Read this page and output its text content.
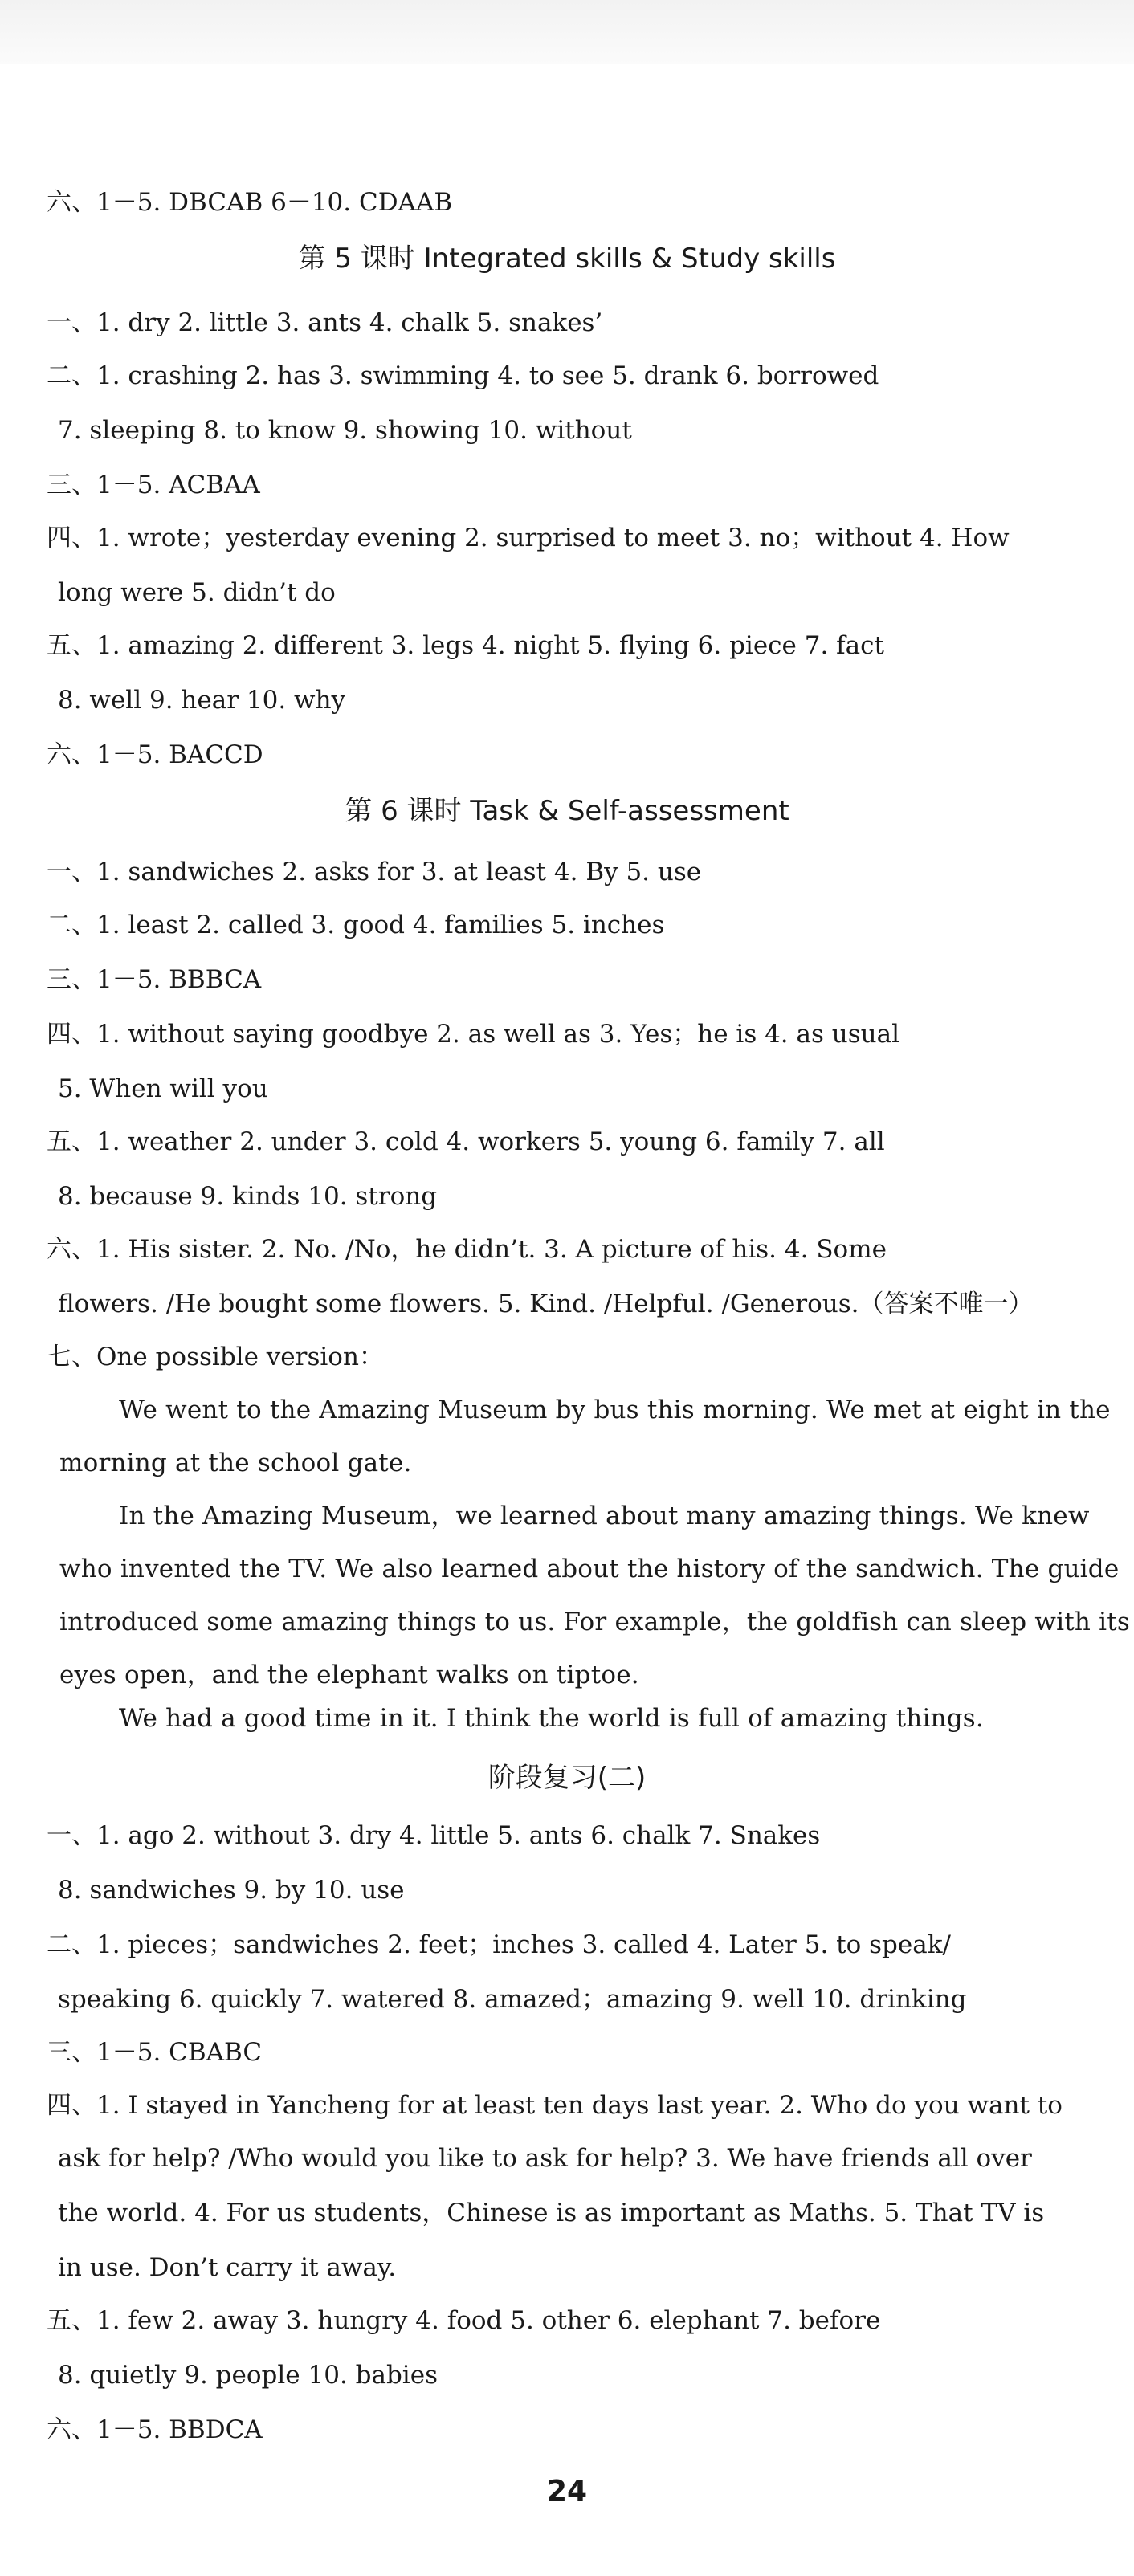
六、1－5. DBCAB 6－10. CDAAB
第 5 课时 Integrated skills & Study skills
一、1. dry 2. little 3. ants 4. chalk 5. snakes’
二、1. crashing 2. has 3. swimming 4. to see 5. drank 6. borrowed
7. sleeping 8. to know 9. showing 10. without
三、1－5. ACBAA
四、1. wrote；yesterday evening 2. surprised to meet 3. no；without 4. How
long were 5. didn’t do
五、1. amazing 2. different 3. legs 4. night 5. flying 6. piece 7. fact
8. well 9. hear 10. why
六、1－5. BACCD
第 6 课时 Task & Self-assessment
一、1. sandwiches 2. asks for 3. at least 4. By 5. use
二、1. least 2. called 3. good 4. families 5. inches
三、1－5. BBBCA
四、1. without saying goodbye 2. as well as 3. Yes；he is 4. as usual
5. When will you
五、1. weather 2. under 3. cold 4. workers 5. young 6. family 7. all
8. because 9. kinds 10. strong
六、1. His sister. 2. No. /No，he didn’t. 3. A picture of his. 4. Some
flowers. /He bought some flowers. 5. Kind. /Helpful. /Generous.（答案不唯一）
七、One possible version：
We went to the Amazing Museum by bus this morning. We met at eight in the
morning at the school gate.
In the Amazing Museum，we learned about many amazing things. We knew
who invented the TV. We also learned about the history of the sandwich. The guide
introduced some amazing things to us. For example，the goldfish can sleep with its
eyes open，and the elephant walks on tiptoe.
We had a good time in it. I think the world is full of amazing things.
阶段复习(二)
一、1. ago 2. without 3. dry 4. little 5. ants 6. chalk 7. Snakes
8. sandwiches 9. by 10. use
二、1. pieces；sandwiches 2. feet；inches 3. called 4. Later 5. to speak/
speaking 6. quickly 7. watered 8. amazed；amazing 9. well 10. drinking
三、1－5. CBABC
四、1. I stayed in Yancheng for at least ten days last year. 2. Who do you want to
ask for help? /Who would you like to ask for help? 3. We have friends all over
the world. 4. For us students，Chinese is as important as Maths. 5. That TV is
in use. Don’t carry it away.
五、1. few 2. away 3. hungry 4. food 5. other 6. elephant 7. before
8. quietly 9. people 10. babies
六、1－5. BBDCA
24
